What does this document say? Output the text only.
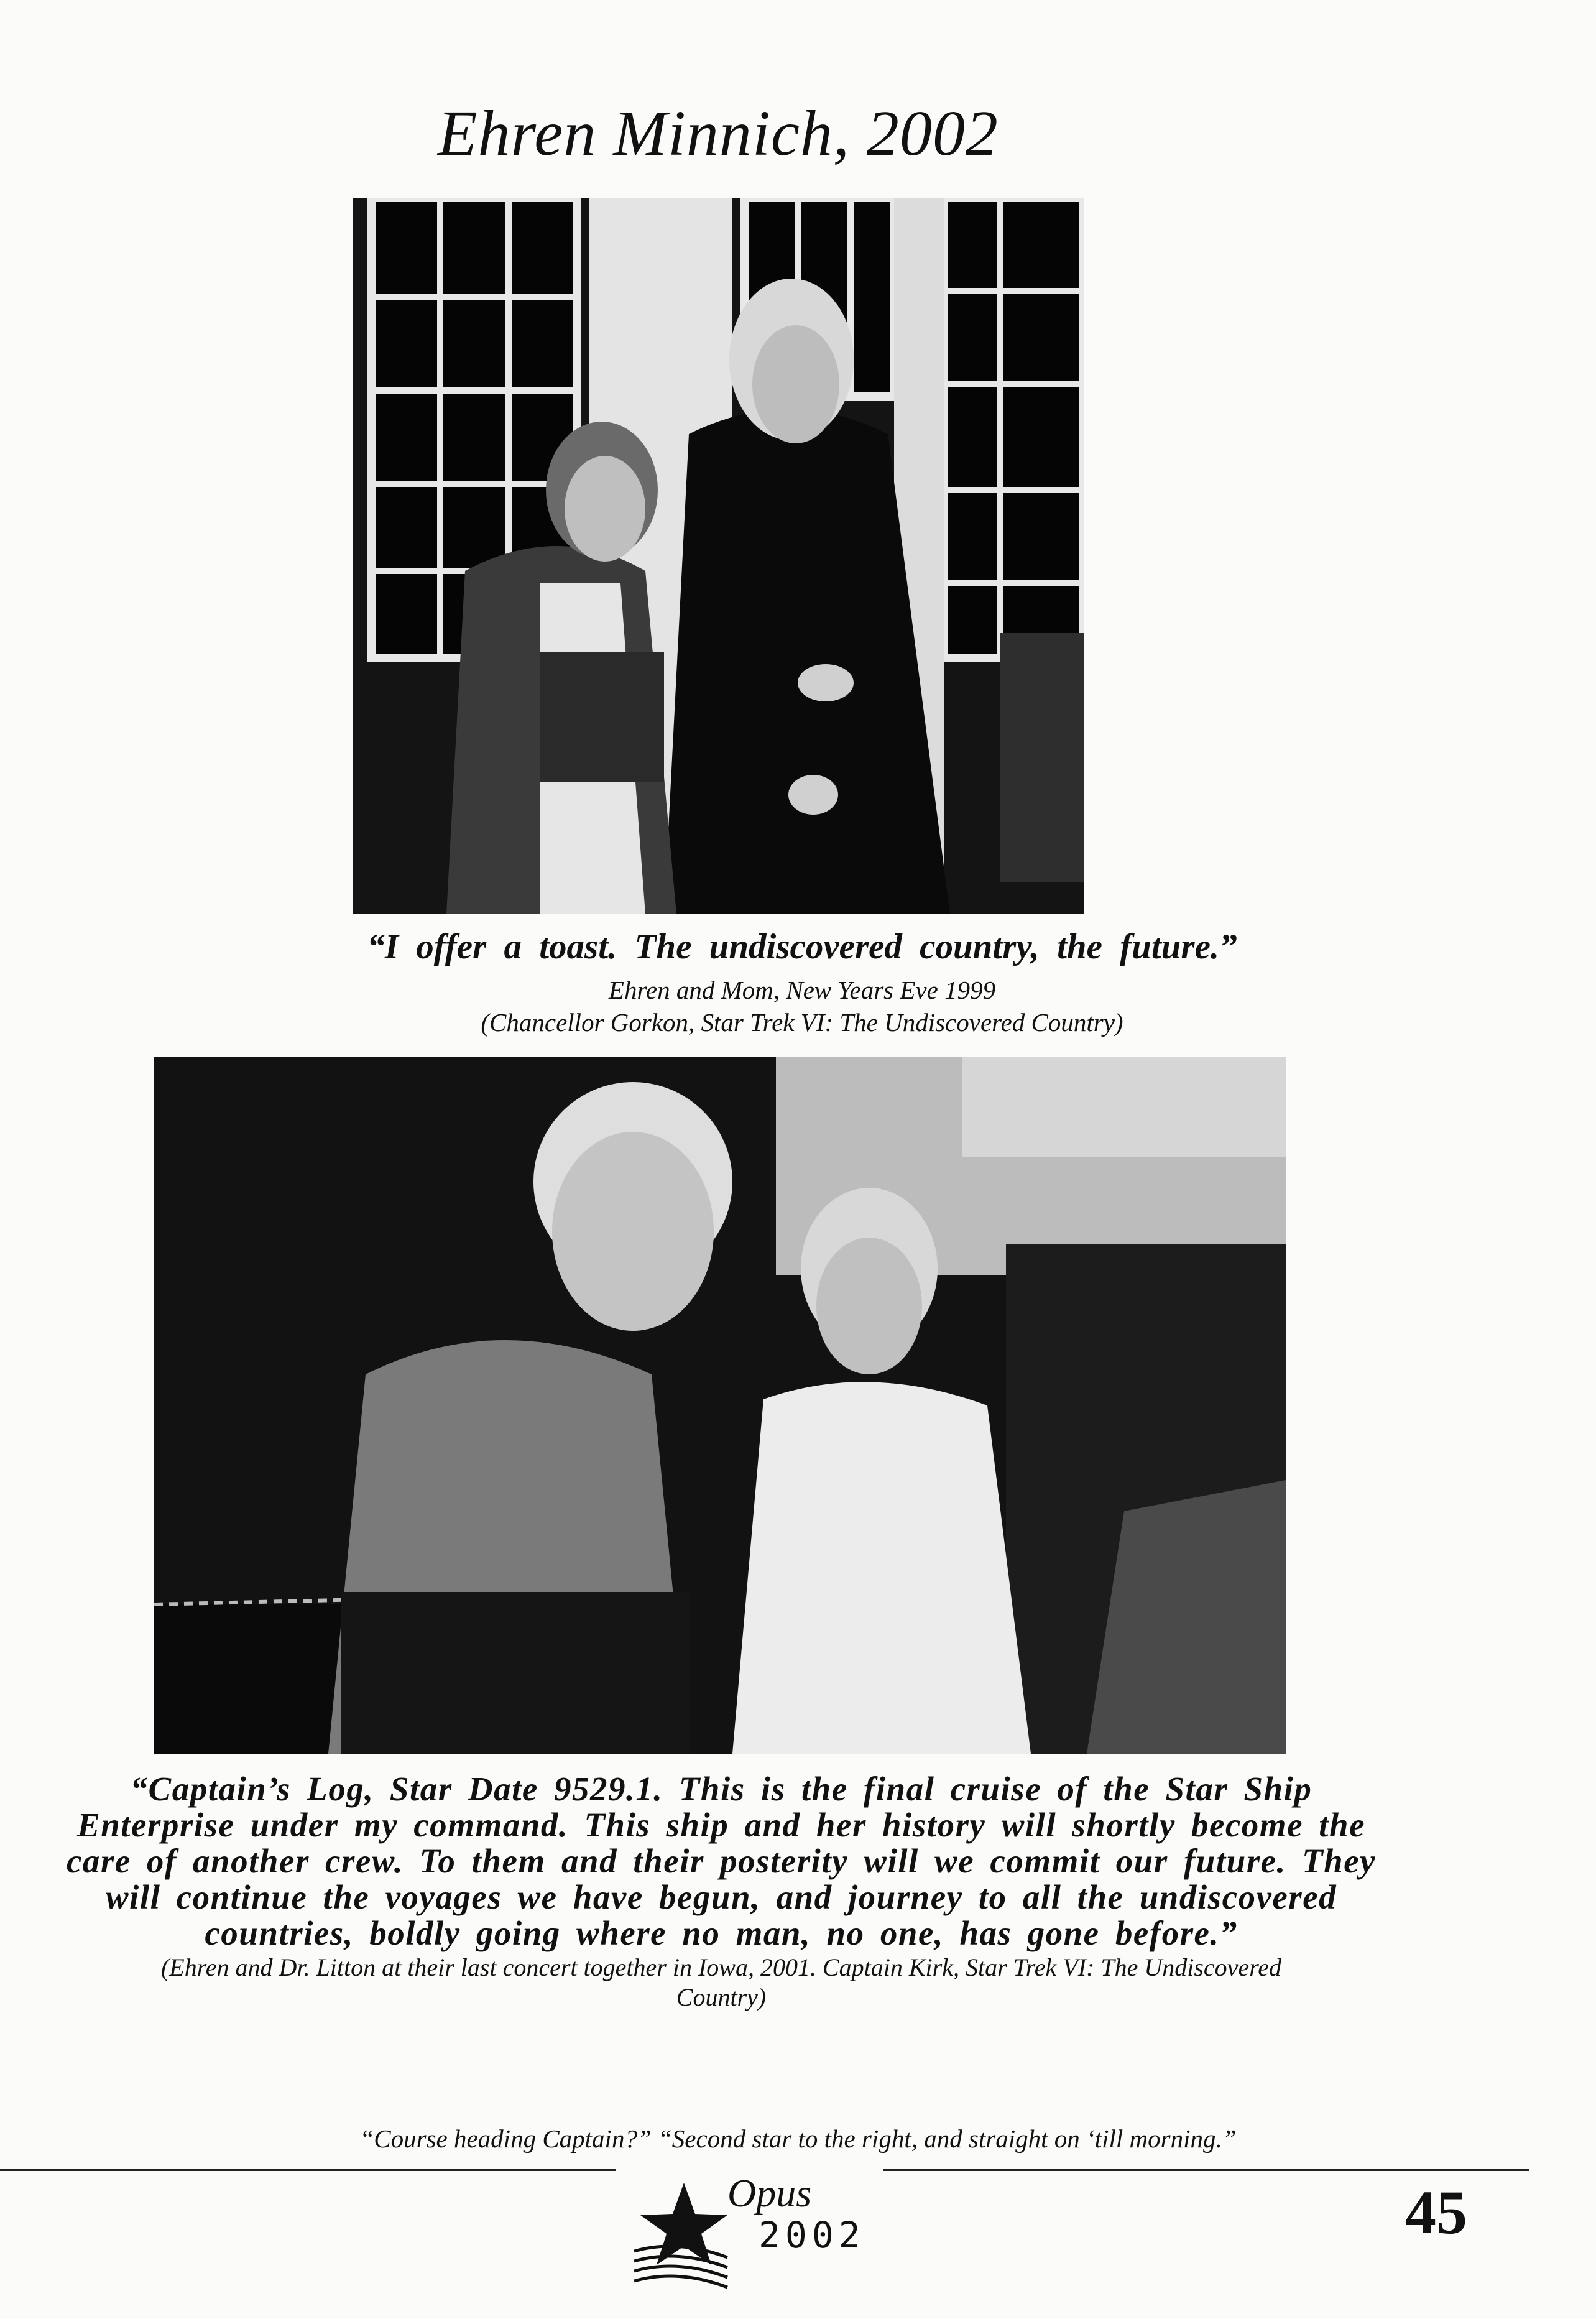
Ehren Minnich, 2002
“I offer a toast. The undiscovered country, the future.”
Ehren and Mom, New Years Eve 1999
(Chancellor Gorkon, Star Trek VI: The Undiscovered Country)
“Captain’s Log, Star Date 9529.1. This is the final cruise of the Star Ship
Enterprise under my command. This ship and her history will shortly become the
care of another crew. To them and their posterity will we commit our future. They
will continue the voyages we have begun, and journey to all the undiscovered
countries, boldly going where no man, no one, has gone before.”
(Ehren and Dr. Litton at their last concert together in Iowa, 2001. Captain Kirk, Star Trek VI: The Undiscovered
Country)
“Course heading Captain?” “Second star to the right, and straight on ‘till morning.”
Opus
2002	45
